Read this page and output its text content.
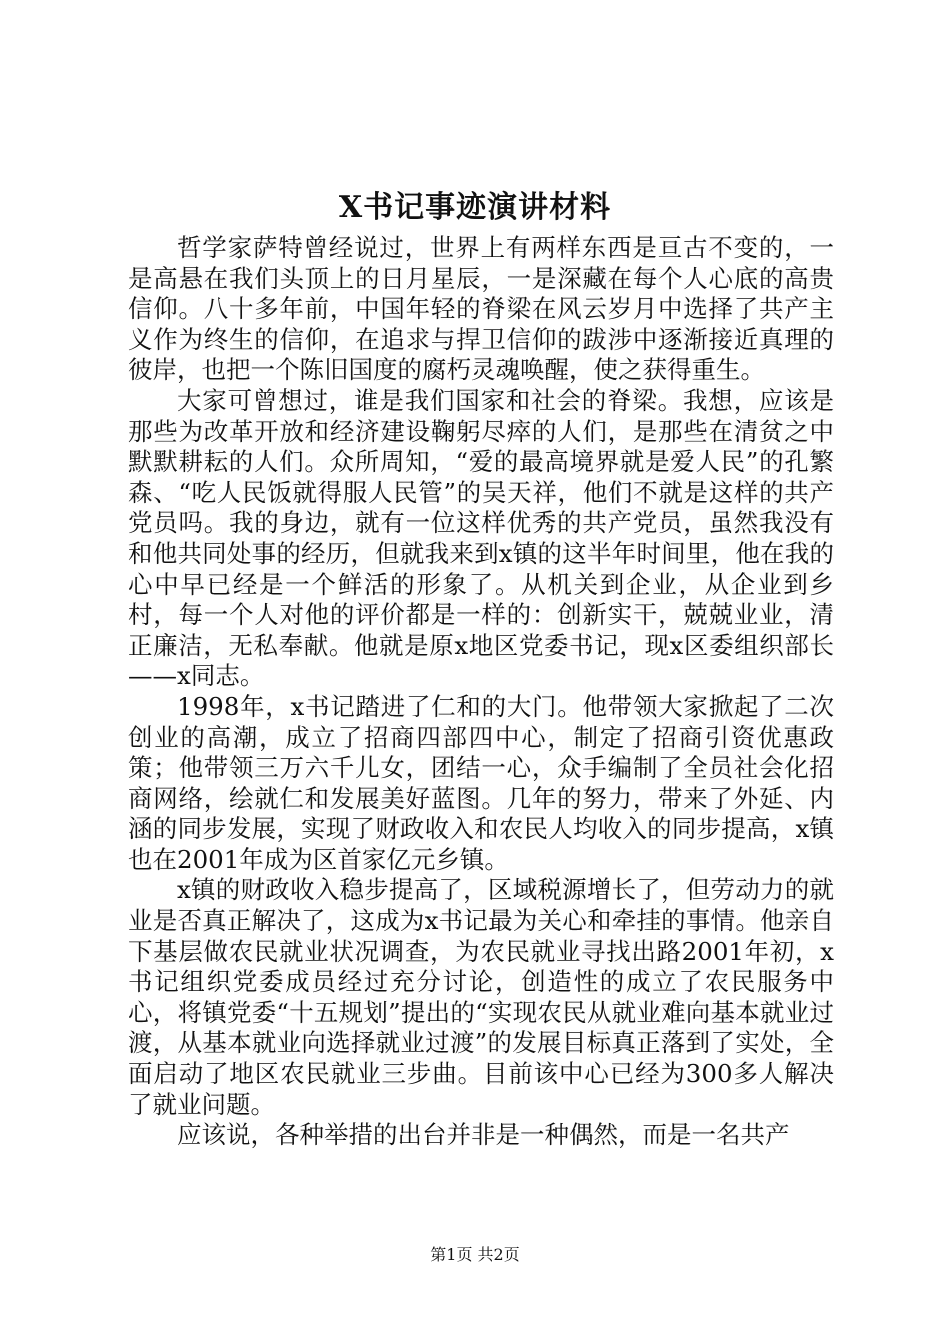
X书记事迹演讲材料

哲学家萨特曾经说过，世界上有两样东西是亘古不变的，一是高悬在我们头顶上的日月星辰，一是深藏在每个人心底的高贵信仰。八十多年前，中国年轻的脊梁在风云岁月中选择了共产主义作为终生的信仰，在追求与捍卫信仰的跋涉中逐渐接近真理的彼岸，也把一个陈旧国度的腐朽灵魂唤醒，使之获得重生。

大家可曾想过，谁是我们国家和社会的脊梁。我想，应该是那些为改革开放和经济建设鞠躬尽瘁的人们，是那些在清贫之中默默耕耘的人们。众所周知，“爱的最高境界就是爱人民”的孔繁森、“吃人民饭就得服人民管”的吴天祥，他们不就是这样的共产党员吗。我的身边，就有一位这样优秀的共产党员，虽然我没有和他共同处事的经历，但就我来到x镇的这半年时间里，他在我的心中早已经是一个鲜活的形象了。从机关到企业，从企业到乡村，每一个人对他的评价都是一样的：创新实干，兢兢业业，清正廉洁，无私奉献。他就是原x地区党委书记，现x区委组织部长——x同志。

1998年，x书记踏进了仁和的大门。他带领大家掀起了二次创业的高潮，成立了招商四部四中心，制定了招商引资优惠政策；他带领三万六千儿女，团结一心，众手编制了全员社会化招商网络，绘就仁和发展美好蓝图。几年的努力，带来了外延、内涵的同步发展，实现了财政收入和农民人均收入的同步提高，x镇也在2001年成为区首家亿元乡镇。

x镇的财政收入稳步提高了，区域税源增长了，但劳动力的就业是否真正解决了，这成为x书记最为关心和牵挂的事情。他亲自下基层做农民就业状况调查，为农民就业寻找出路2001年初，x书记组织党委成员经过充分讨论，创造性的成立了农民服务中心，将镇党委“十五规划”提出的“实现农民从就业难向基本就业过渡，从基本就业向选择就业过渡”的发展目标真正落到了实处，全面启动了地区农民就业三步曲。目前该中心已经为300多人解决了就业问题。

应该说，各种举措的出台并非是一种偶然，而是一名共产

第1页 共2页
